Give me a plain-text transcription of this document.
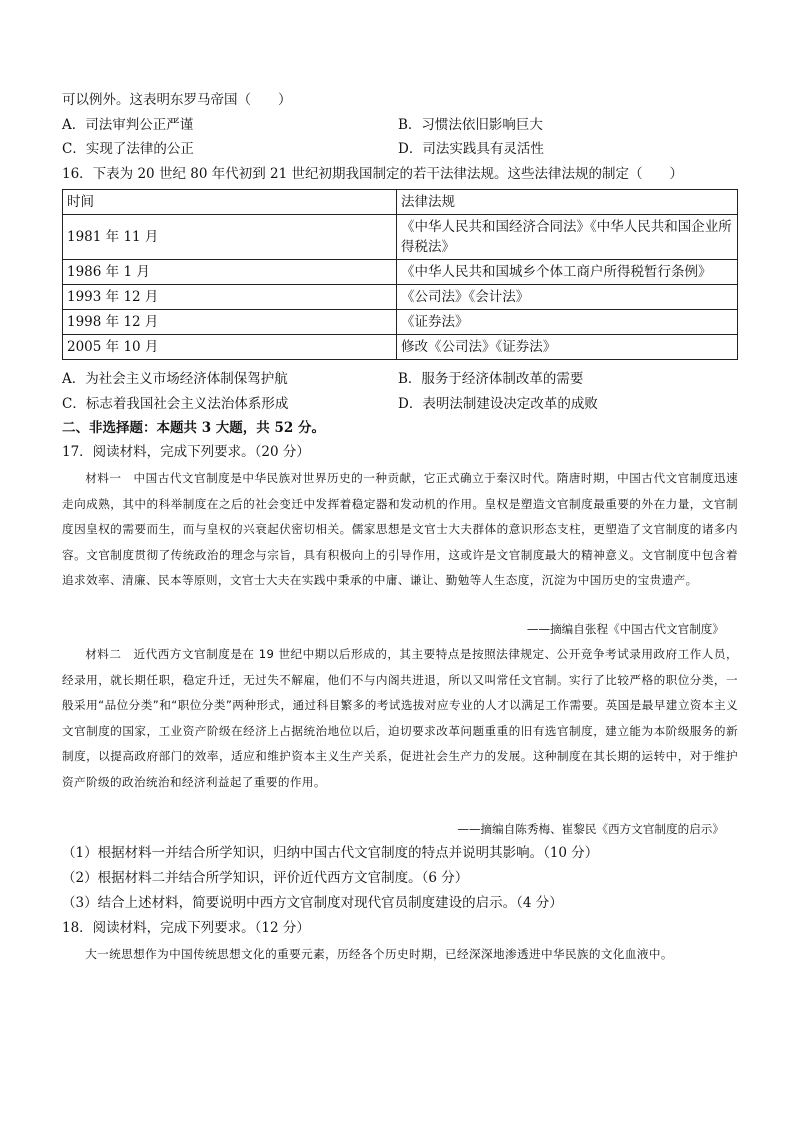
可以例外。这表明东罗马帝国（　　）
A．司法审判公正严谨	B．习惯法依旧影响巨大
C．实现了法律的公正	D．司法实践具有灵活性
16．下表为 20 世纪 80 年代初到 21 世纪初期我国制定的若干法律法规。这些法律法规的制定（　　）
时间	法律法规
1981 年 11 月	《中华人民共和国经济合同法》《中华人民共和国企业所得税法》
1986 年 1 月	《中华人民共和国城乡个体工商户所得税暂行条例》
1993 年 12 月	《公司法》《会计法》
1998 年 12 月	《证券法》
2005 年 10 月	修改《公司法》《证券法》
A．为社会主义市场经济体制保驾护航	B．服务于经济体制改革的需要
C．标志着我国社会主义法治体系形成	D．表明法制建设决定改革的成败
二、非选择题：本题共 3 大题，共 52 分。
17．阅读材料，完成下列要求。（20 分）
材料一　中国古代文官制度是中华民族对世界历史的一种贡献，它正式确立于秦汉时代。隋唐时期，中国古代文官制度迅速走向成熟，其中的科举制度在之后的社会变迁中发挥着稳定器和发动机的作用。皇权是塑造文官制度最重要的外在力量，文官制度因皇权的需要而生，而与皇权的兴衰起伏密切相关。儒家思想是文官士大夫群体的意识形态支柱，更塑造了文官制度的诸多内容。文官制度贯彻了传统政治的理念与宗旨，具有积极向上的引导作用，这或许是文官制度最大的精神意义。文官制度中包含着追求效率、清廉、民本等原则，文官士大夫在实践中秉承的中庸、谦让、勤勉等人生态度，沉淀为中国历史的宝贵遗产。
——摘编自张程《中国古代文官制度》
材料二　近代西方文官制度是在 19 世纪中期以后形成的，其主要特点是按照法律规定、公开竞争考试录用政府工作人员，经录用，就长期任职，稳定升迁，无过失不解雇，他们不与内阁共进退，所以又叫常任文官制。实行了比较严格的职位分类，一般采用“品位分类”和“职位分类”两种形式，通过科目繁多的考试选拔对应专业的人才以满足工作需要。英国是最早建立资本主义文官制度的国家，工业资产阶级在经济上占据统治地位以后，迫切要求改革问题重重的旧有选官制度，建立能为本阶级服务的新制度，以提高政府部门的效率，适应和维护资本主义生产关系，促进社会生产力的发展。这种制度在其长期的运转中，对于维护资产阶级的政治统治和经济利益起了重要的作用。
——摘编自陈秀梅、崔黎民《西方文官制度的启示》
（1）根据材料一并结合所学知识，归纳中国古代文官制度的特点并说明其影响。（10 分）
（2）根据材料二并结合所学知识，评价近代西方文官制度。（6 分）
（3）结合上述材料，简要说明中西方文官制度对现代官员制度建设的启示。（4 分）
18．阅读材料，完成下列要求。（12 分）
大一统思想作为中国传统思想文化的重要元素，历经各个历史时期，已经深深地渗透进中华民族的文化血液中。
